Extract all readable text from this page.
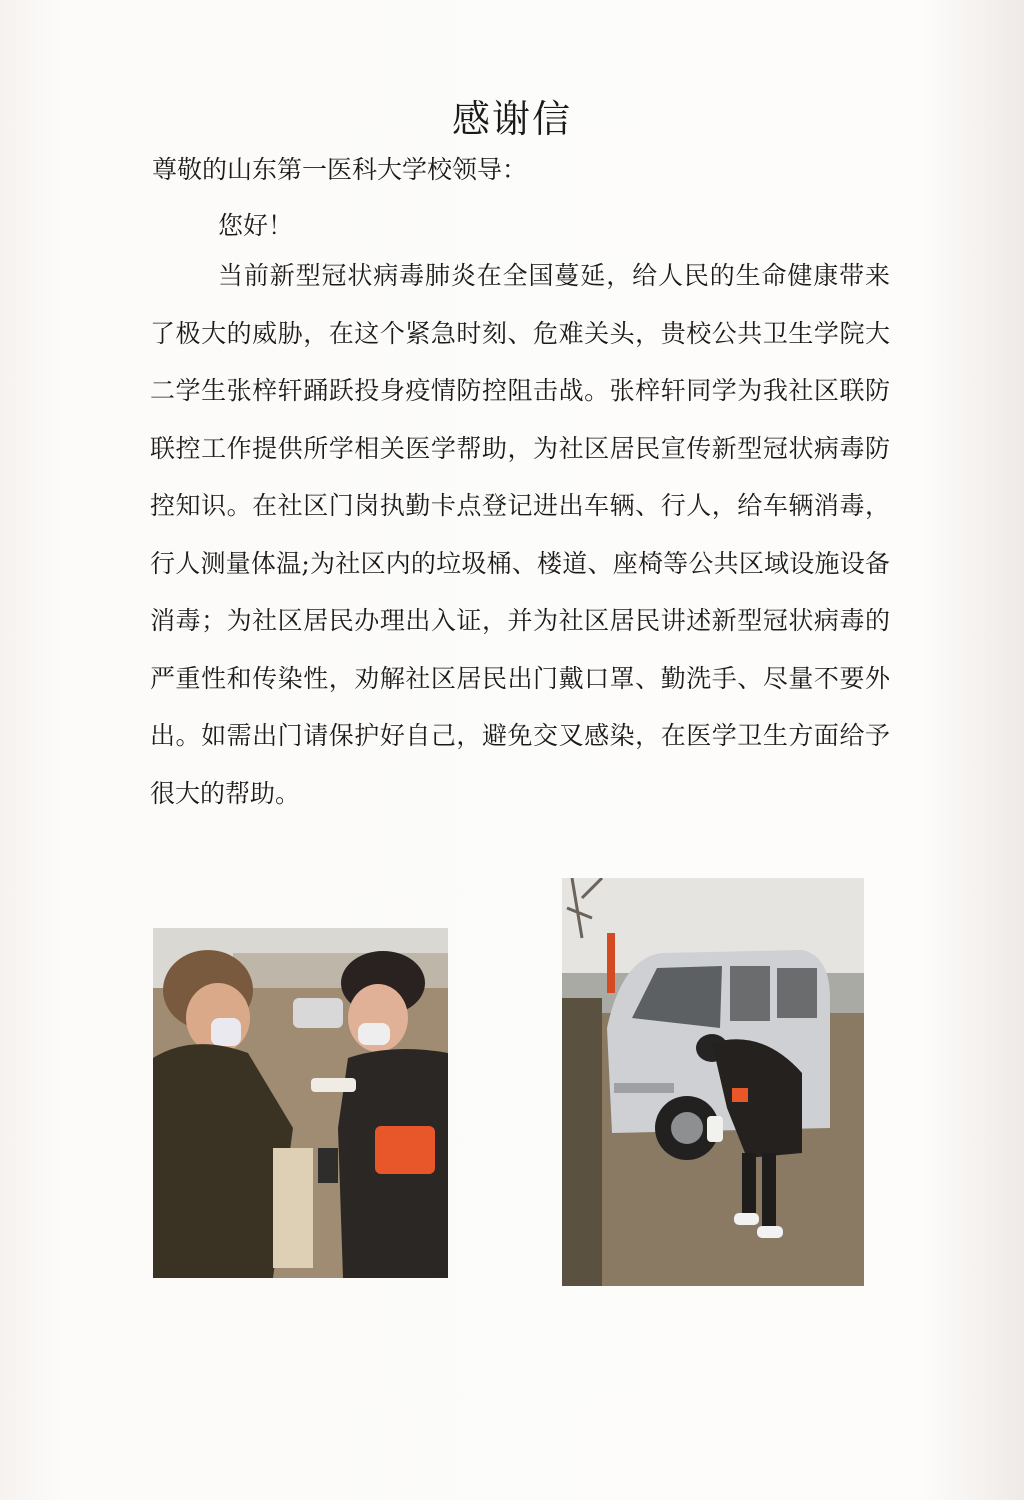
感谢信
尊敬的山东第一医科大学校领导：
您好！

当前新型冠状病毒肺炎在全国蔓延，给人民的生命健康带来了极大的威胁，在这个紧急时刻、危难关头，贵校公共卫生学院大二学生张梓轩踊跃投身疫情防控阻击战。张梓轩同学为我社区联防联控工作提供所学相关医学帮助，为社区居民宣传新型冠状病毒防控知识。在社区门岗执勤卡点登记进出车辆、行人，给车辆消毒，行人测量体温;为社区内的垃圾桶、楼道、座椅等公共区域设施设备消毒；为社区居民办理出入证，并为社区居民讲述新型冠状病毒的严重性和传染性，劝解社区居民出门戴口罩、勤洗手、尽量不要外出。如需出门请保护好自己，避免交叉感染，在医学卫生方面给予很大的帮助。
